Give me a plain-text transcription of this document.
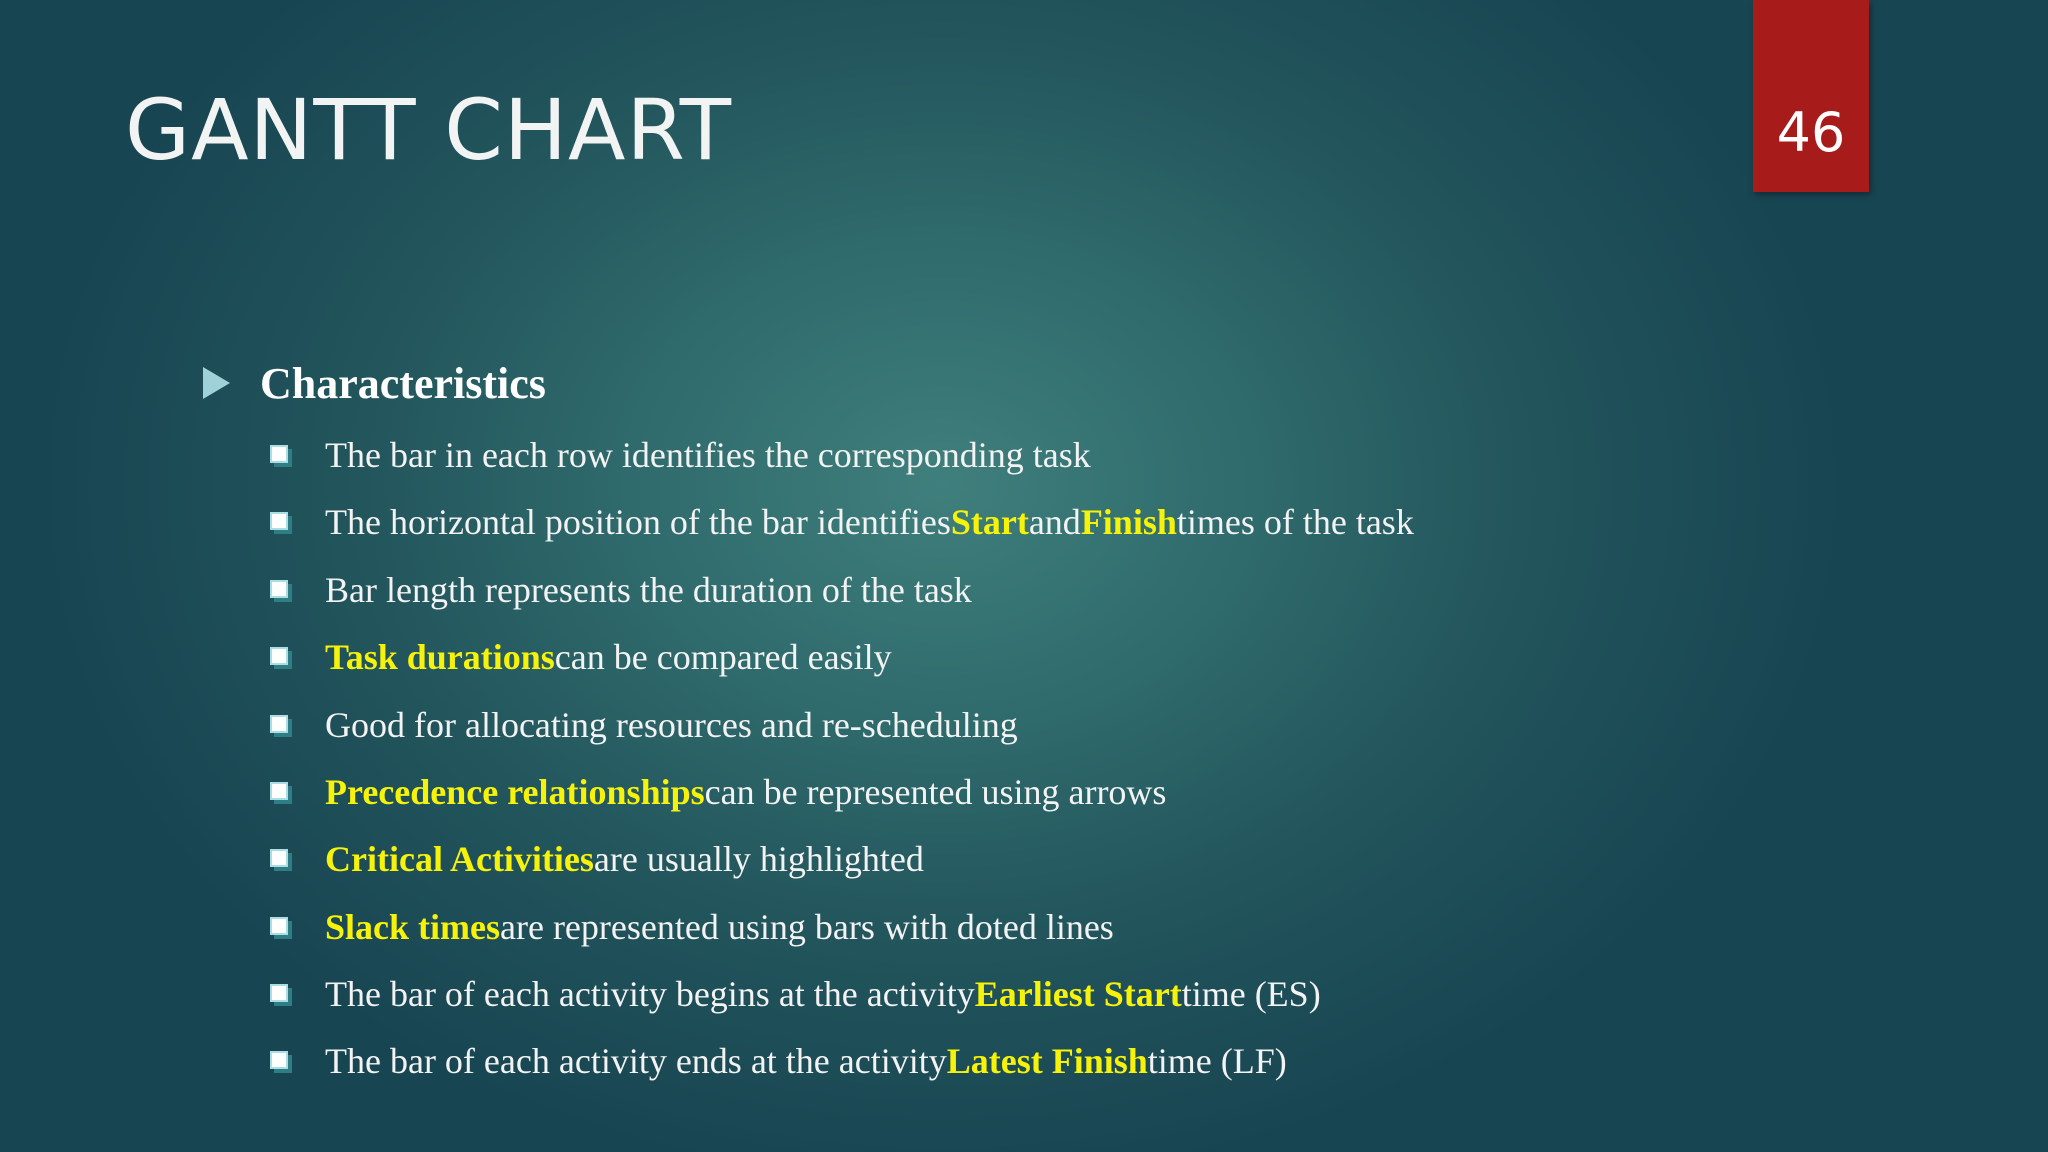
GANTT CHART	46
Characteristics
The bar in each row identifies the corresponding task
The horizontal position of the bar identifies Start and Finish times of the task
Bar length represents the duration of the task
Task durations can be compared easily
Good for allocating resources and re-scheduling
Precedence relationships can be represented using arrows
Critical Activities are usually highlighted
Slack times are represented using bars with doted lines
The bar of each activity begins at the activity Earliest Start time (ES)
The bar of each activity ends at the activity Latest Finish time (LF)
